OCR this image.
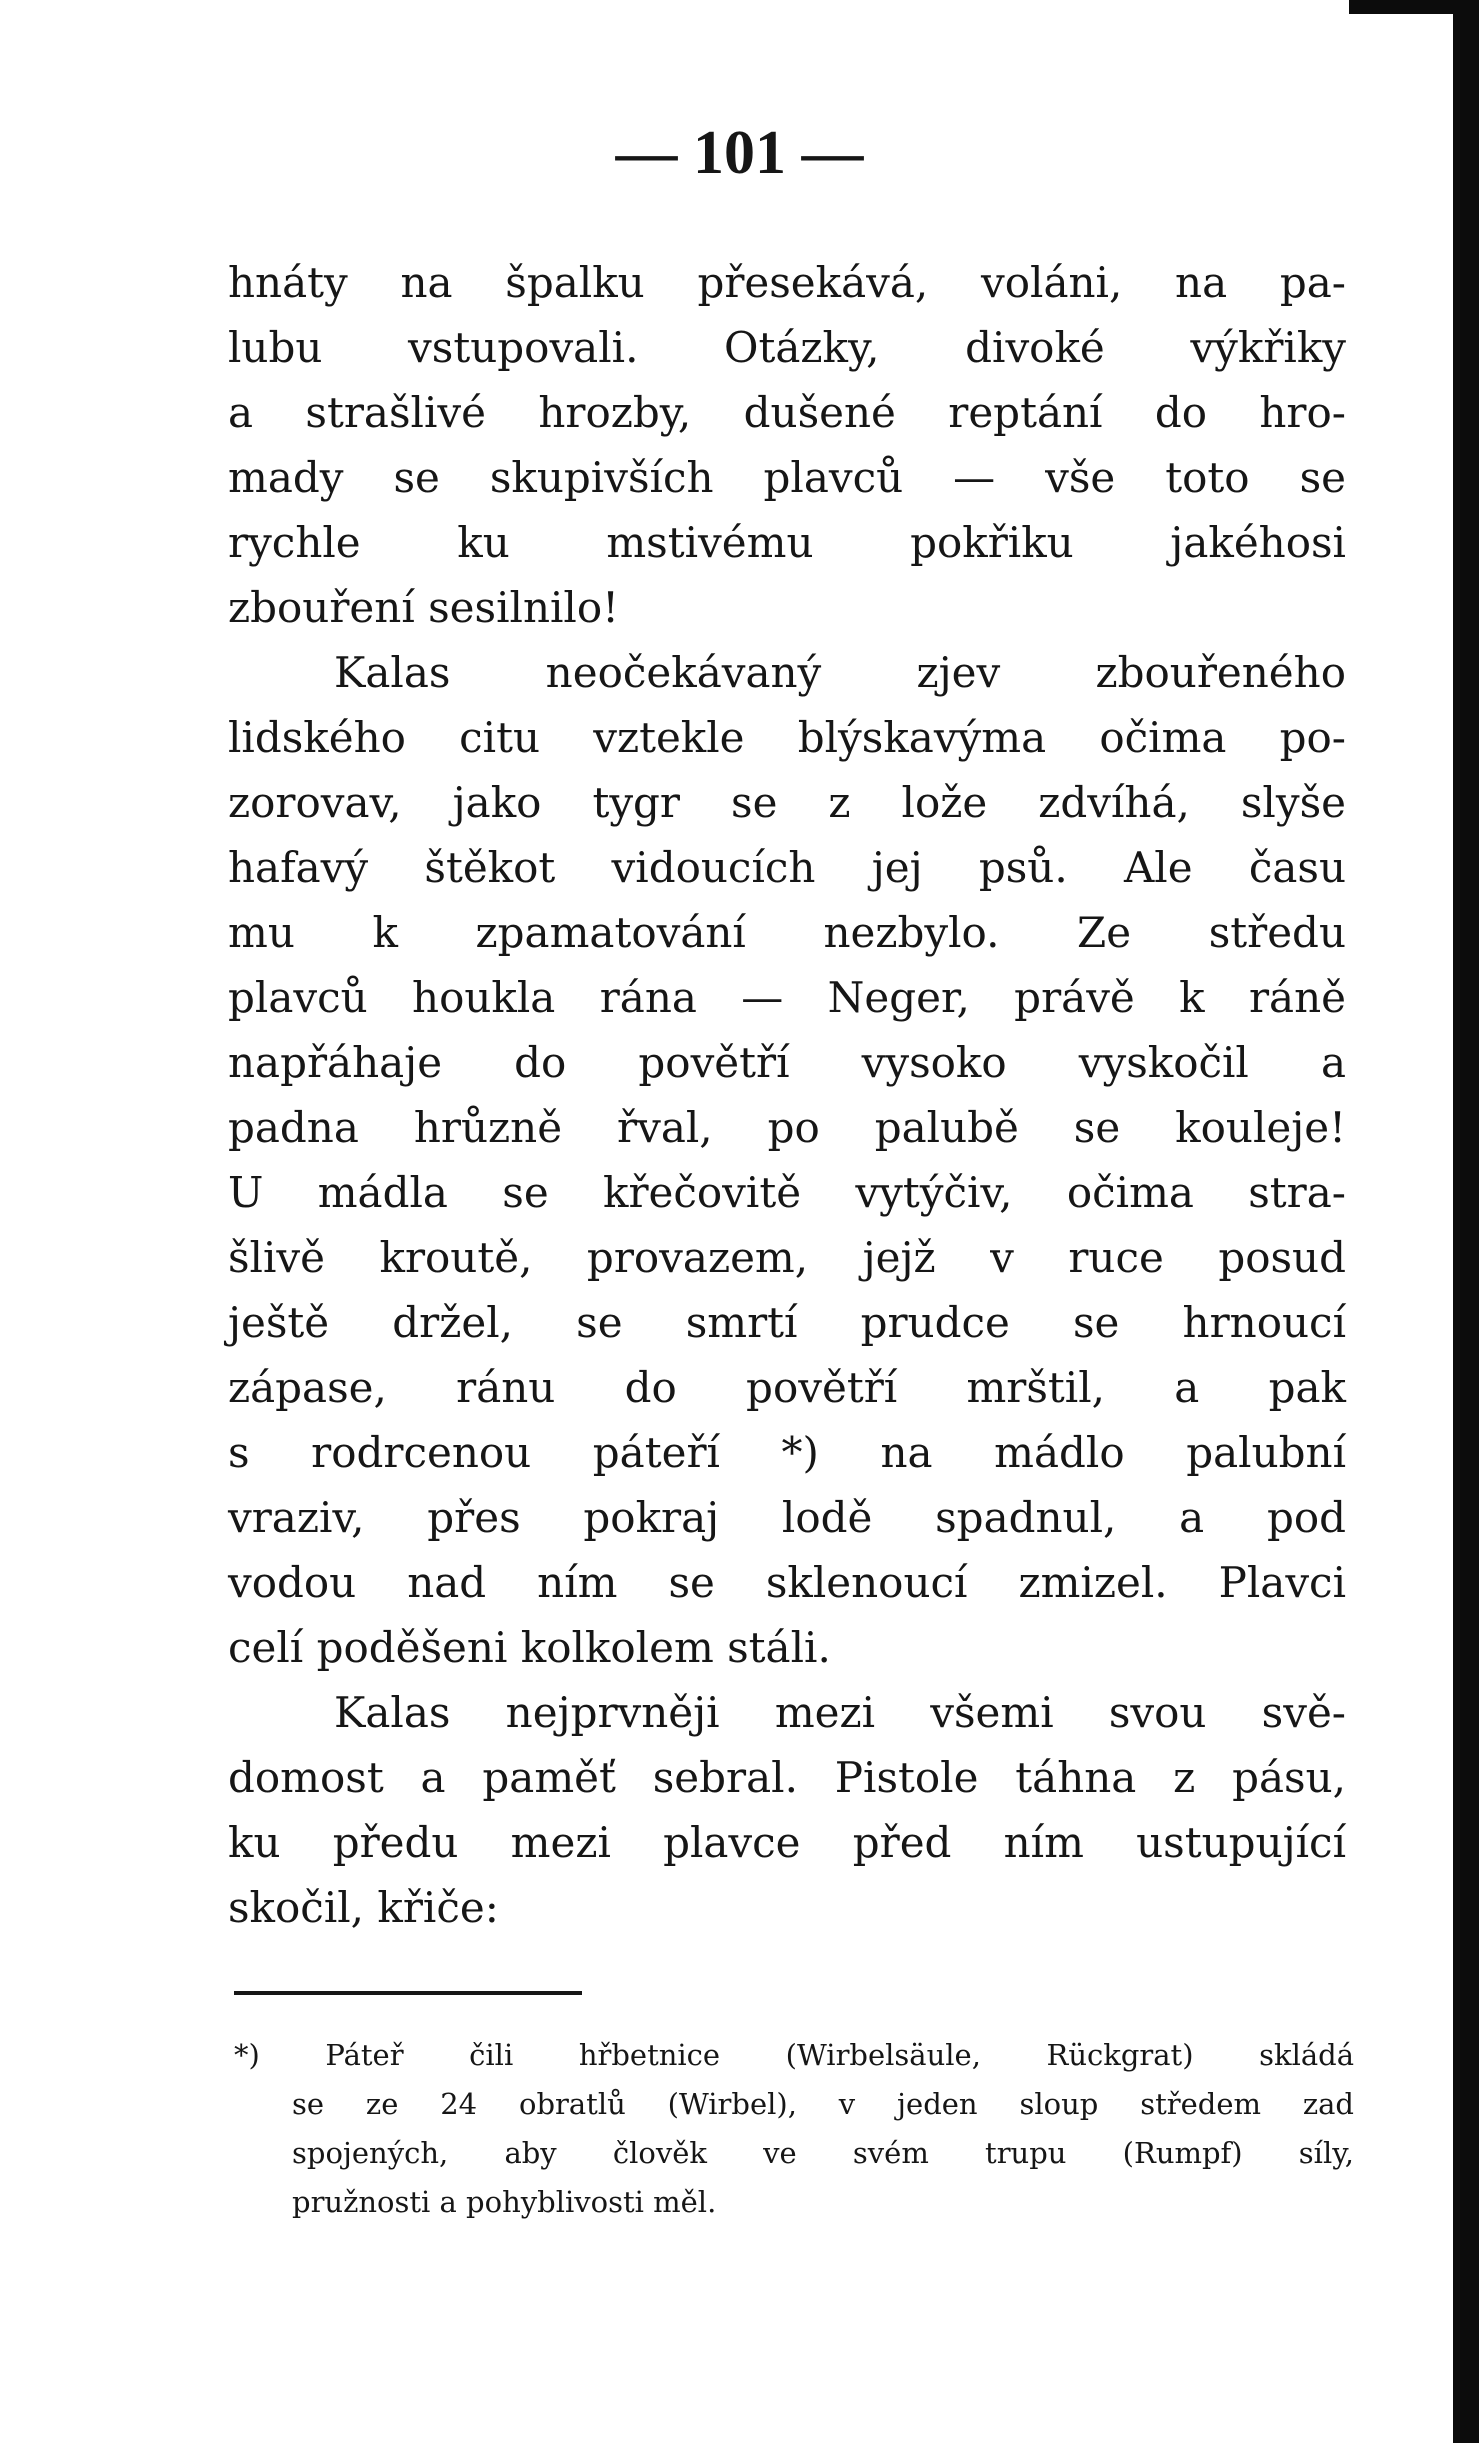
— 101 —
hnáty na špalku přesekává, voláni, na pa-
lubu vstupovali. Otázky, divoké výkřiky
a strašlivé hrozby, dušené reptání do hro-
mady se skupivších plavců — vše toto se
rychle ku mstivému pokřiku jakéhosi
zbouření sesilnilo!
Kalas neočekávaný zjev zbouřeného
lidského citu vztekle blýskavýma očima po-
zorovav, jako tygr se z lože zdvíhá, slyše
hafavý štěkot vidoucích jej psů. Ale času
mu k zpamatování nezbylo. Ze středu
plavců houkla rána — Neger, právě k ráně
napřáhaje do povětří vysoko vyskočil a
padna hrůzně řval, po palubě se kouleje!
U mádla se křečovitě vytýčiv, očima stra-
šlivě kroutě, provazem, jejž v ruce posud
ještě držel, se smrtí prudce se hrnoucí
zápase, ránu do povětří mrštil, a pak
s rodrcenou páteří *) na mádlo palubní
vraziv, přes pokraj lodě spadnul, a pod
vodou nad ním se sklenoucí zmizel. Plavci
celí poděšeni kolkolem stáli.
Kalas nejprvněji mezi všemi svou svě-
domost a paměť sebral. Pistole táhna z pásu,
ku předu mezi plavce před ním ustupující
skočil, křiče:
*) Páteř čili hřbetnice (Wirbelsäule, Rückgrat) skládá
se ze 24 obratlů (Wirbel), v jeden sloup středem zad
spojených, aby člověk ve svém trupu (Rumpf) síly,
pružnosti a pohyblivosti měl.
